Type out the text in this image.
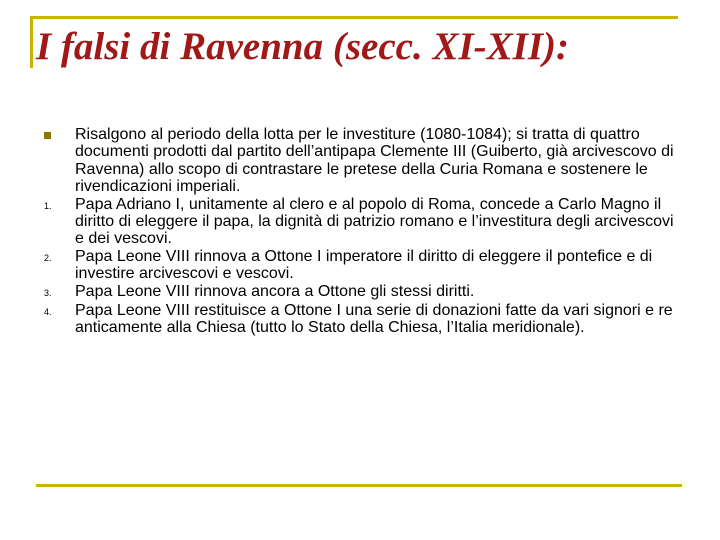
I falsi di Ravenna (secc. XI-XII):
Risalgono al periodo della lotta per le investiture (1080-1084); si tratta di quattro documenti prodotti dal partito dell’antipapa Clemente III (Guiberto, già arcivescovo di Ravenna) allo scopo di contrastare le pretese della Curia Romana e sostenere le rivendicazioni imperiali.
1.	Papa Adriano I, unitamente al clero e al popolo di Roma, concede a Carlo Magno il diritto di eleggere il papa, la dignità di patrizio romano e l’investitura degli arcivescovi e dei vescovi.
2.	Papa Leone VIII rinnova a Ottone I imperatore il diritto di eleggere il pontefice e di investire arcivescovi e vescovi.
3.	Papa Leone VIII rinnova ancora a Ottone gli stessi diritti.
4.	Papa Leone VIII restituisce a Ottone I una serie di donazioni fatte da vari signori e re anticamente alla Chiesa (tutto lo Stato della Chiesa, l’Italia meridionale).
